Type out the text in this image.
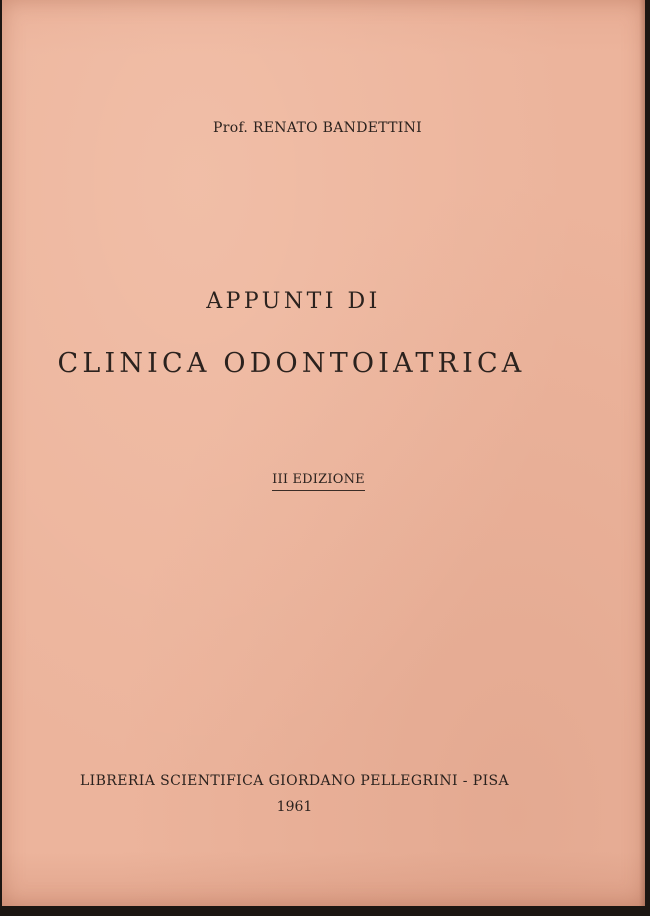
Prof. RENATO BANDETTINI
APPUNTI DI
CLINICA ODONTOIATRICA
III EDIZIONE
LIBRERIA SCIENTIFICA GIORDANO PELLEGRINI - PISA
1961
